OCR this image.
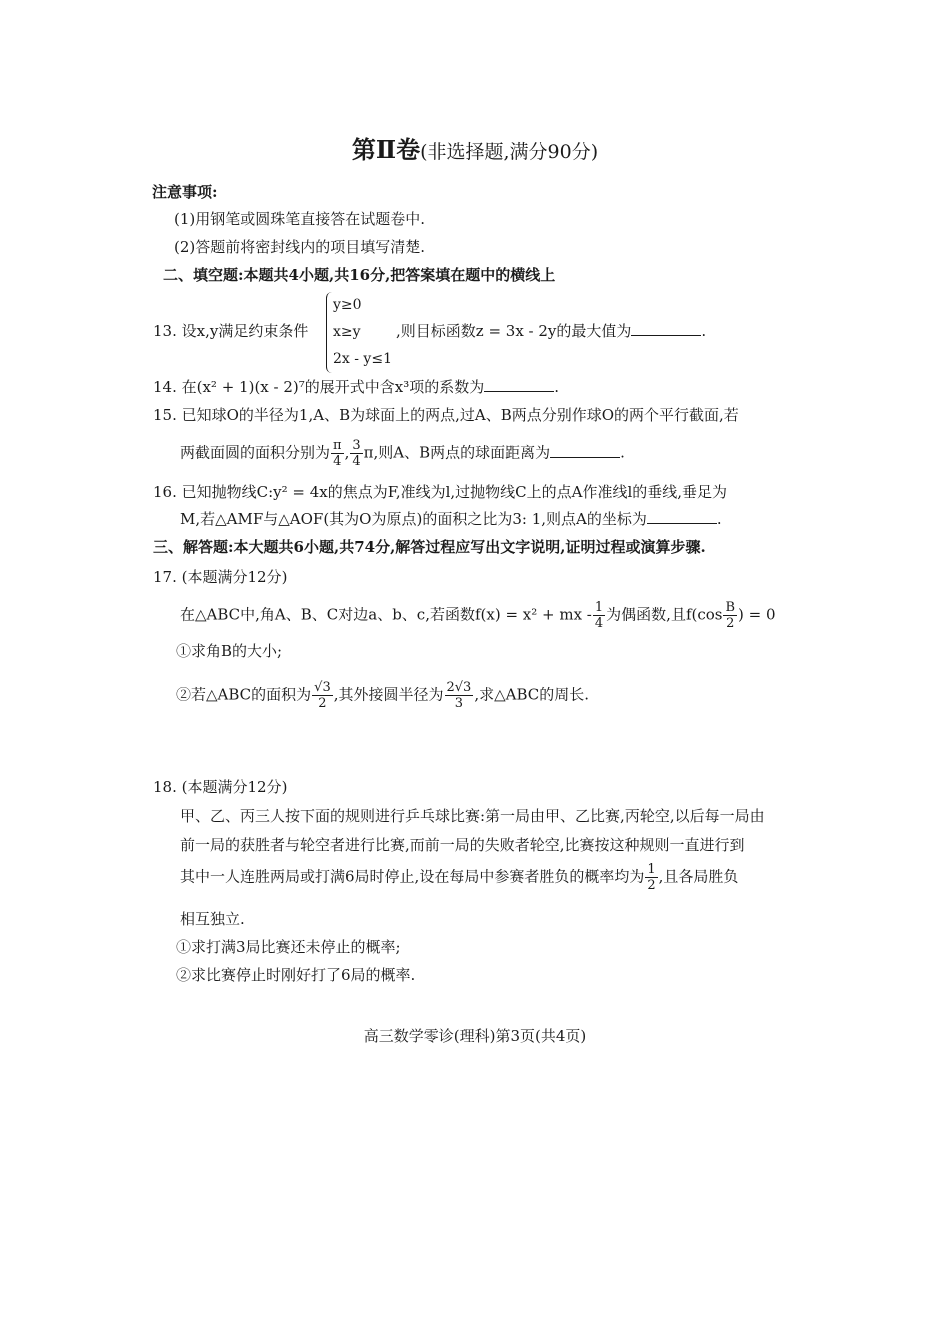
第Ⅱ卷(非选择题,满分90分)
注意事项:
(1)用钢笔或圆珠笔直接答在试题卷中.
(2)答题前将密封线内的项目填写清楚.
二、填空题:本题共4小题,共16分,把答案填在题中的横线上
13. 设x,y满足约束条件
y≥0
x≥y
2x - y≤1
,则目标函数z = 3x - 2y的最大值为	.
14. 在(x² + 1)(x - 2)⁷的展开式中含x³项的系数为	.
15. 已知球O的半径为1,A、B为球面上的两点,过A、B两点分别作球O的两个平行截面,若
两截面圆的面积分别为 $\frac{\pi}{4}$ , $\frac{3}{4} \pi$,则A、B两点的球面距离为	.
16. 已知抛物线C:y² = 4x的焦点为F,准线为l,过抛物线C上的点A作准线l的垂线,垂足为
M,若△AMF与△AOF(其为O为原点)的面积之比为3: 1,则点A的坐标为	.
三、解答题:本大题共6小题,共74分,解答过程应写出文字说明,证明过程或演算步骤.
17. (本题满分12分)
在△ABC中,角A、B、C对边a、b、c,若函数f(x) = x² + mx - $\frac{1}{4}$ 为偶函数,且$f(\cos \frac{B}{2}$ ) = 0
①求角B的大小;
②若△ABC的面积为 $\frac{√3}{2}$ ,其外接圆半径为 $\frac{2√3}{3}$ ,求△ABC的周长.
18. (本题满分12分)
甲、乙、丙三人按下面的规则进行乒乓球比赛:第一局由甲、乙比赛,丙轮空,以后每一局由
前一局的获胜者与轮空者进行比赛,而前一局的失败者轮空,比赛按这种规则一直进行到
其中一人连胜两局或打满6局时停止,设在每局中参赛者胜负的概率均为 $\frac{1}{2}$ ,且各局胜负
相互独立.
①求打满3局比赛还未停止的概率;
②求比赛停止时刚好打了6局的概率.
高三数学零诊(理科)第3页(共4页)
